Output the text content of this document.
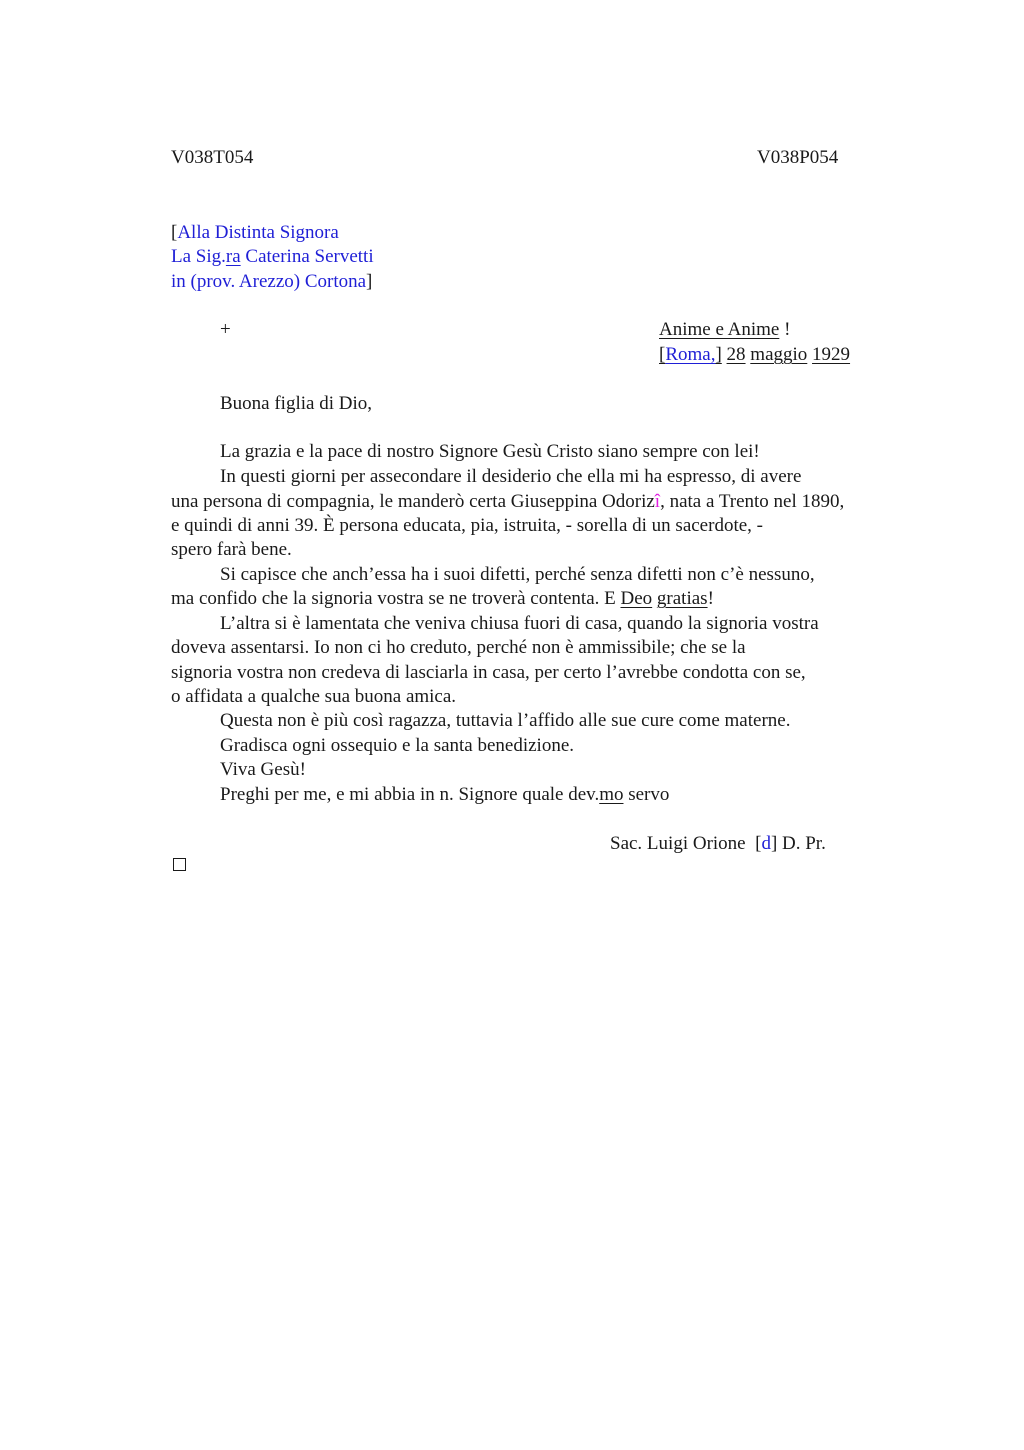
V038T054	V038P054
[Alla Distinta Signora
La Sig.ra Caterina Servetti
in (prov. Arezzo) Cortona]
+	Anime e Anime !
[Roma,] 28 maggio 1929
Buona figlia di Dio,
La grazia e la pace di nostro Signore Gesù Cristo siano sempre con lei!
In questi giorni per assecondare il desiderio che ella mi ha espresso, di avere
una persona di compagnia, le manderò certa Giuseppina Odorizî, nata a Trento nel 1890,
e quindi di anni 39. È persona educata, pia, istruita, - sorella di un sacerdote, -
spero farà bene.
Si capisce che anch’essa ha i suoi difetti, perché senza difetti non c’è nessuno,
ma confido che la signoria vostra se ne troverà contenta. E Deo gratias!
L’altra si è lamentata che veniva chiusa fuori di casa, quando la signoria vostra
doveva assentarsi. Io non ci ho creduto, perché non è ammissibile; che se la
signoria vostra non credeva di lasciarla in casa, per certo l’avrebbe condotta con se,
o affidata a qualche sua buona amica.
Questa non è più così ragazza, tuttavia l’affido alle sue cure come materne.
Gradisca ogni ossequio e la santa benedizione.
Viva Gesù!
Preghi per me, e mi abbia in n. Signore quale dev.mo servo
Sac. Luigi Orione  [d] D. Pr.
